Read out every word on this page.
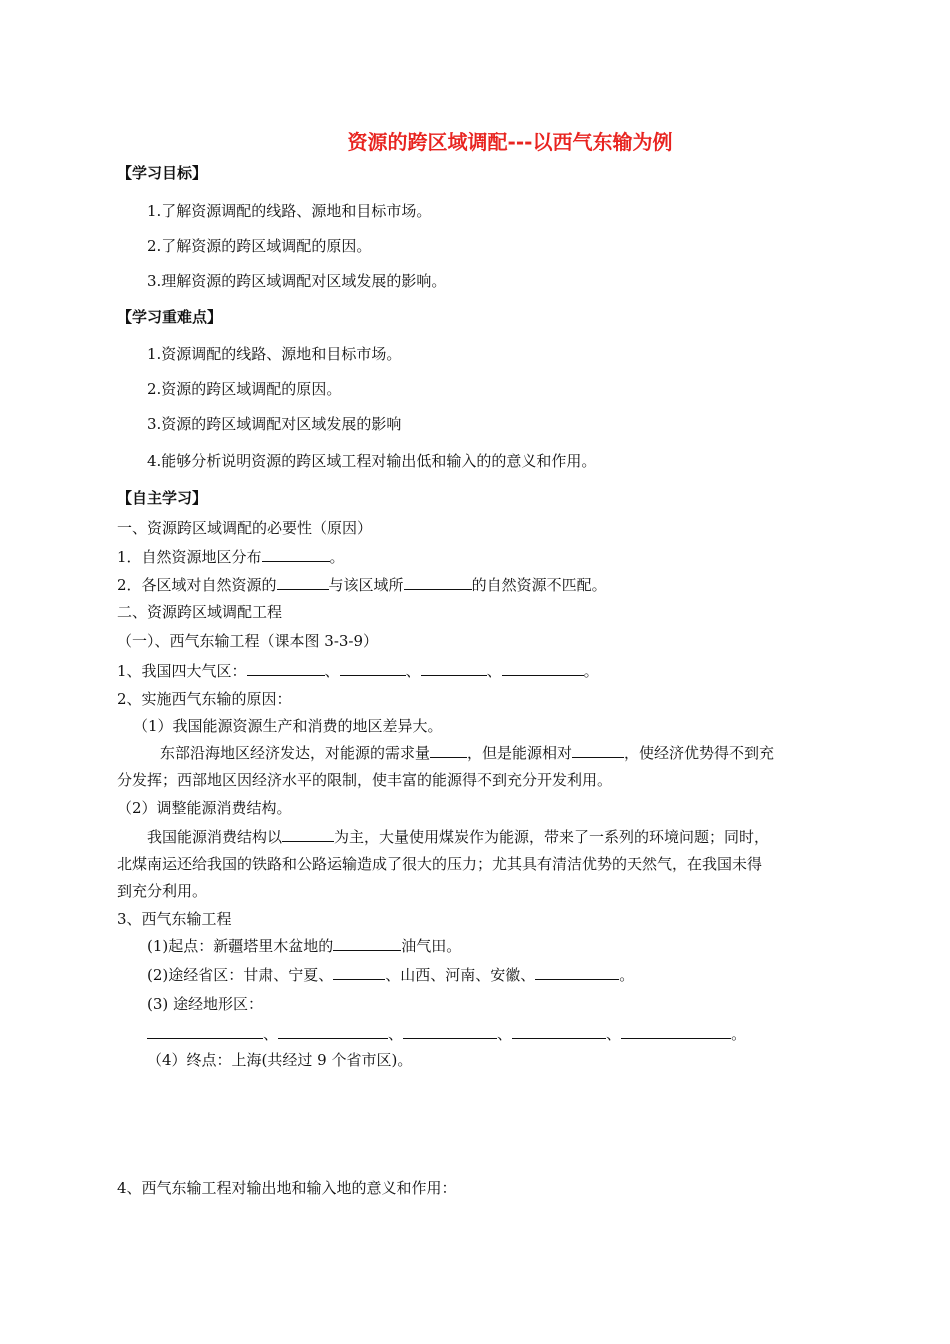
资源的跨区域调配---以西气东输为例
【学习目标】
1.了解资源调配的线路、源地和目标市场。
2.了解资源的跨区域调配的原因。
3.理解资源的跨区域调配对区域发展的影响。
【学习重难点】
1.资源调配的线路、源地和目标市场。
2.资源的跨区域调配的原因。
3.资源的跨区域调配对区域发展的影响
4.能够分析说明资源的跨区域工程对输出低和输入的的意义和作用。
【自主学习】
一、资源跨区域调配的必要性（原因）
1．自然资源地区分布	。
2．各区域对自然资源的	与该区域所	的自然资源不匹配。
二、资源跨区域调配工程
（一）、西气东输工程（课本图 3-3-9）
1、我国四大气区：	、	、	、	。
2、实施西气东输的原因：
（1）我国能源资源生产和消费的地区差异大。
东部沿海地区经济发达，对能源的需求量 ，但是能源相对	，使经济优势得不到充
分发挥；西部地区因经济水平的限制，使丰富的能源得不到充分开发利用。
（2）调整能源消费结构。
我国能源消费结构以	为主，大量使用煤炭作为能源，带来了一系列的环境问题；同时，
北煤南运还给我国的铁路和公路运输造成了很大的压力；尤其具有清洁优势的天然气，在我国未得
到充分利用。
3、西气东输工程
(1)起点：新疆塔里木盆地的	油气田。
(2)途经省区：甘肃、宁夏、	、山西、河南、安徽、	。
(3) 途经地形区：
、	、	、	、	。
（4）终点：上海(共经过 9 个省市区)。
4、西气东输工程对输出地和输入地的意义和作用：
